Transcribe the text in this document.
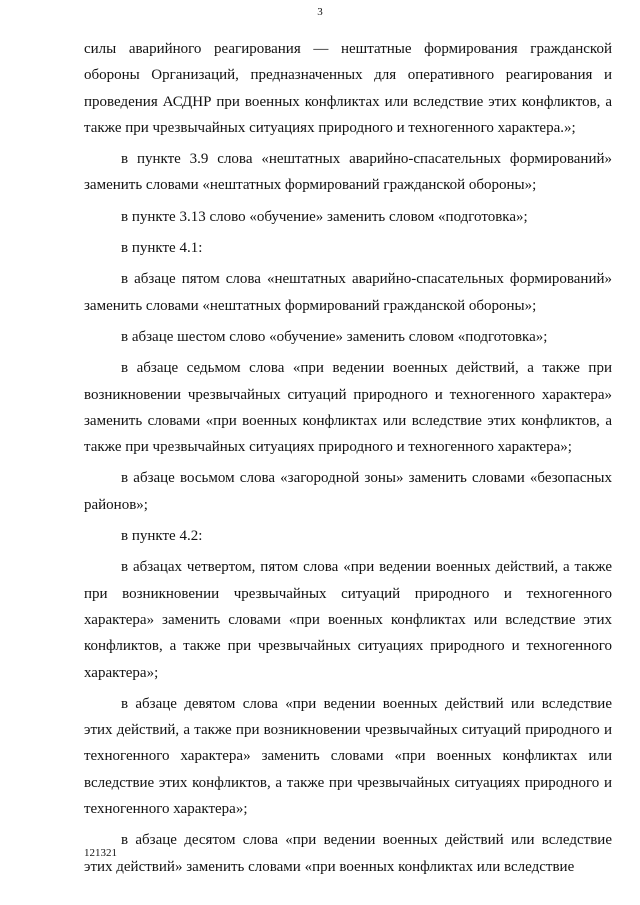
3

силы аварийного реагирования — нештатные формирования гражданской обороны Организаций, предназначенных для оперативного реагирования и проведения АСДНР при военных конфликтах или вследствие этих конфликтов, а также при чрезвычайных ситуациях природного и техногенного характера.»;

в пункте 3.9 слова «нештатных аварийно-спасательных формирований» заменить словами «нештатных формирований гражданской обороны»;

в пункте 3.13 слово «обучение» заменить словом «подготовка»;

в пункте 4.1:

в абзаце пятом слова «нештатных аварийно-спасательных формирований» заменить словами «нештатных формирований гражданской обороны»;

в абзаце шестом слово «обучение» заменить словом «подготовка»;

в абзаце седьмом слова «при ведении военных действий, а также при возникновении чрезвычайных ситуаций природного и техногенного характера» заменить словами «при военных конфликтах или вследствие этих конфликтов, а также при чрезвычайных ситуациях природного и техногенного характера»;

в абзаце восьмом слова «загородной зоны» заменить словами «безопасных районов»;

в пункте 4.2:

в абзацах четвертом, пятом слова «при ведении военных действий, а также при возникновении чрезвычайных ситуаций природного и техногенного характера» заменить словами «при военных конфликтах или вследствие этих конфликтов, а также при чрезвычайных ситуациях природного и техногенного характера»;

в абзаце девятом слова «при ведении военных действий или вследствие этих действий, а также при возникновении чрезвычайных ситуаций природного и техногенного характера» заменить словами «при военных конфликтах или вследствие этих конфликтов, а также при чрезвычайных ситуациях природного и техногенного характера»;

в абзаце десятом слова «при ведении военных действий или вследствие этих действий» заменить словами «при военных конфликтах или вследствие

121321
